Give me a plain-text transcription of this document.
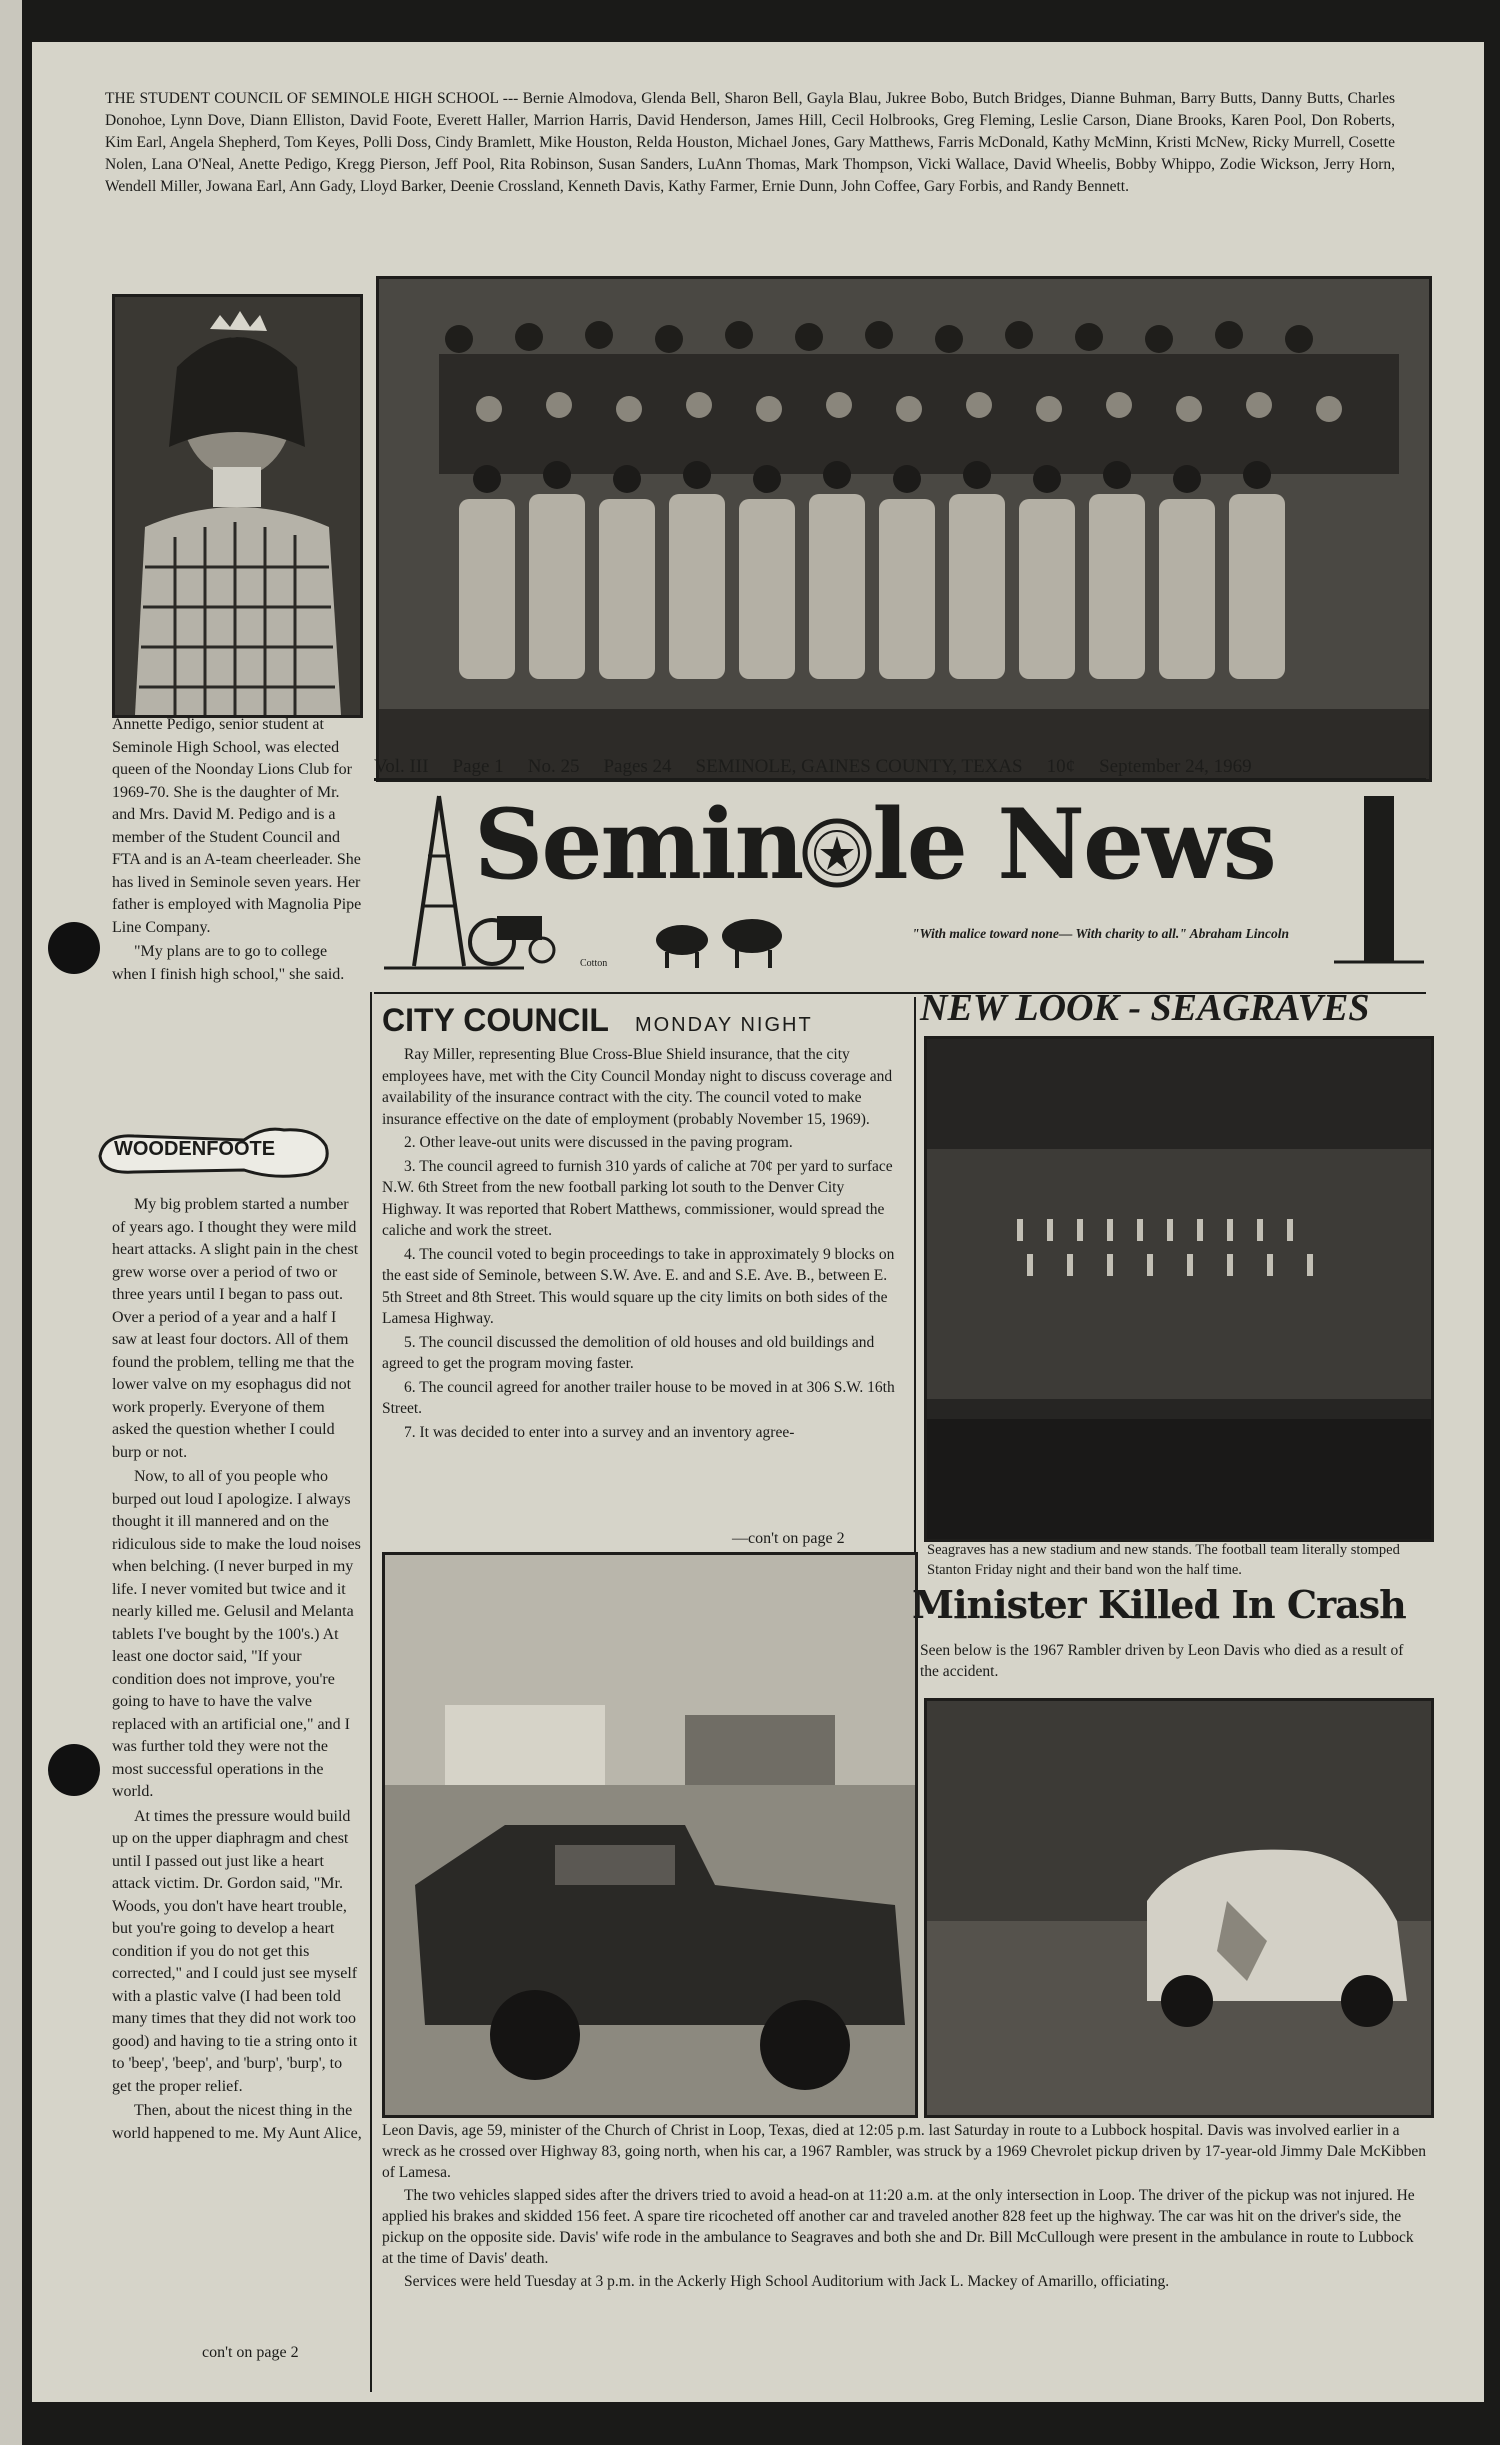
THE STUDENT COUNCIL OF SEMINOLE HIGH SCHOOL --- Bernie Almodova, Glenda Bell, Sharon Bell, Gayla Blau, Jukree Bobo, Butch Bridges, Dianne Buhman, Barry Butts, Danny Butts, Charles Donohoe, Lynn Dove, Diann Elliston, David Foote, Everett Haller, Marrion Harris, David Henderson, James Hill, Cecil Holbrooks, Greg Fleming, Leslie Carson, Diane Brooks, Karen Pool, Don Roberts, Kim Earl, Angela Shepherd, Tom Keyes, Polli Doss, Cindy Bramlett, Mike Houston, Relda Houston, Michael Jones, Gary Matthews, Farris McDonald, Kathy McMinn, Kristi McNew, Ricky Murrell, Cosette Nolen, Lana O'Neal, Anette Pedigo, Kregg Pierson, Jeff Pool, Rita Robinson, Susan Sanders, LuAnn Thomas, Mark Thompson, Vicki Wallace, David Wheelis, Bobby Whippo, Zodie Wickson, Jerry Horn, Wendell Miller, Jowana Earl, Ann Gady, Lloyd Barker, Deenie Crossland, Kenneth Davis, Kathy Farmer, Ernie Dunn, John Coffee, Gary Forbis, and Randy Bennett.

Annette Pedigo, senior student at Seminole High School, was elected queen of the Noonday Lions Club for 1969-70. She is the daughter of Mr. and Mrs. David M. Pedigo and is a member of the Student Council and FTA and is an A-team cheerleader. She has lived in Seminole seven years. Her father is employed with Magnolia Pipe Line Company.

"My plans are to go to college when I finish high school," she said.

WOODENFOOTE

My big problem started a number of years ago. I thought they were mild heart attacks. A slight pain in the chest grew worse over a period of two or three years until I began to pass out. Over a period of a year and a half I saw at least four doctors. All of them found the problem, telling me that the lower valve on my esophagus did not work properly. Everyone of them asked the question whether I could burp or not.

Now, to all of you people who burped out loud I apologize. I always thought it ill mannered and on the ridiculous side to make the loud noises when belching. (I never burped in my life. I never vomited but twice and it nearly killed me. Gelusil and Melanta tablets I've bought by the 100's.) At least one doctor said, "If your condition does not improve, you're going to have to have the valve replaced with an artificial one," and I was further told they were not the most successful operations in the world.

At times the pressure would build up on the upper diaphragm and chest until I passed out just like a heart attack victim. Dr. Gordon said, "Mr. Woods, you don't have heart trouble, but you're going to develop a heart condition if you do not get this corrected," and I could just see myself with a plastic valve (I had been told many times that they did not work too good) and having to tie a string onto it to 'beep', 'beep', and 'burp', 'burp', to get the proper relief.

Then, about the nicest thing in the world happened to me. My Aunt Alice,

con't on page 2
Vol. III Page 1 No. 25 Pages 24 SEMINOLE, GAINES COUNTY, TEXAS 10¢ September 24, 1969
Semin le News
Cotton
"With malice toward none— With charity to all." Abraham Lincoln
CITY COUNCIL MONDAY NIGHT

Ray Miller, representing Blue Cross-Blue Shield insurance, that the city employees have, met with the City Council Monday night to discuss coverage and availability of the insurance contract with the city. The council voted to make insurance effective on the date of employment (probably November 15, 1969).

2. Other leave-out units were discussed in the paving program.

3. The council agreed to furnish 310 yards of caliche at 70¢ per yard to surface N.W. 6th Street from the new football parking lot south to the Denver City Highway. It was reported that Robert Matthews, commissioner, would spread the caliche and work the street.

4. The council voted to begin proceedings to take in approximately 9 blocks on the east side of Seminole, between S.W. Ave. E. and and S.E. Ave. B., between E. 5th Street and 8th Street. This would square up the city limits on both sides of the Lamesa Highway.

5. The council discussed the demolition of old houses and old buildings and agreed to get the program moving faster.

6. The council agreed for another trailer house to be moved in at 306 S.W. 16th Street.

7. It was decided to enter into a survey and an inventory agree-

—con't on page 2
NEW LOOK - SEAGRAVES
Seagraves has a new stadium and new stands. The football team literally stomped Stanton Friday night and their band won the half time.
Minister Killed In Crash
Seen below is the 1967 Rambler driven by Leon Davis who died as a result of the accident.

Leon Davis, age 59, minister of the Church of Christ in Loop, Texas, died at 12:05 p.m. last Saturday in route to a Lubbock hospital. Davis was involved earlier in a wreck as he crossed over Highway 83, going north, when his car, a 1967 Rambler, was struck by a 1969 Chevrolet pickup driven by 17-year-old Jimmy Dale McKibben of Lamesa.

The two vehicles slapped sides after the drivers tried to avoid a head-on at 11:20 a.m. at the only intersection in Loop. The driver of the pickup was not injured. He applied his brakes and skidded 156 feet. A spare tire ricocheted off another car and traveled another 828 feet up the highway. The car was hit on the driver's side, the pickup on the opposite side. Davis' wife rode in the ambulance to Seagraves and both she and Dr. Bill McCullough were present in the ambulance in route to Lubbock at the time of Davis' death.

Services were held Tuesday at 3 p.m. in the Ackerly High School Auditorium with Jack L. Mackey of Amarillo, officiating.
